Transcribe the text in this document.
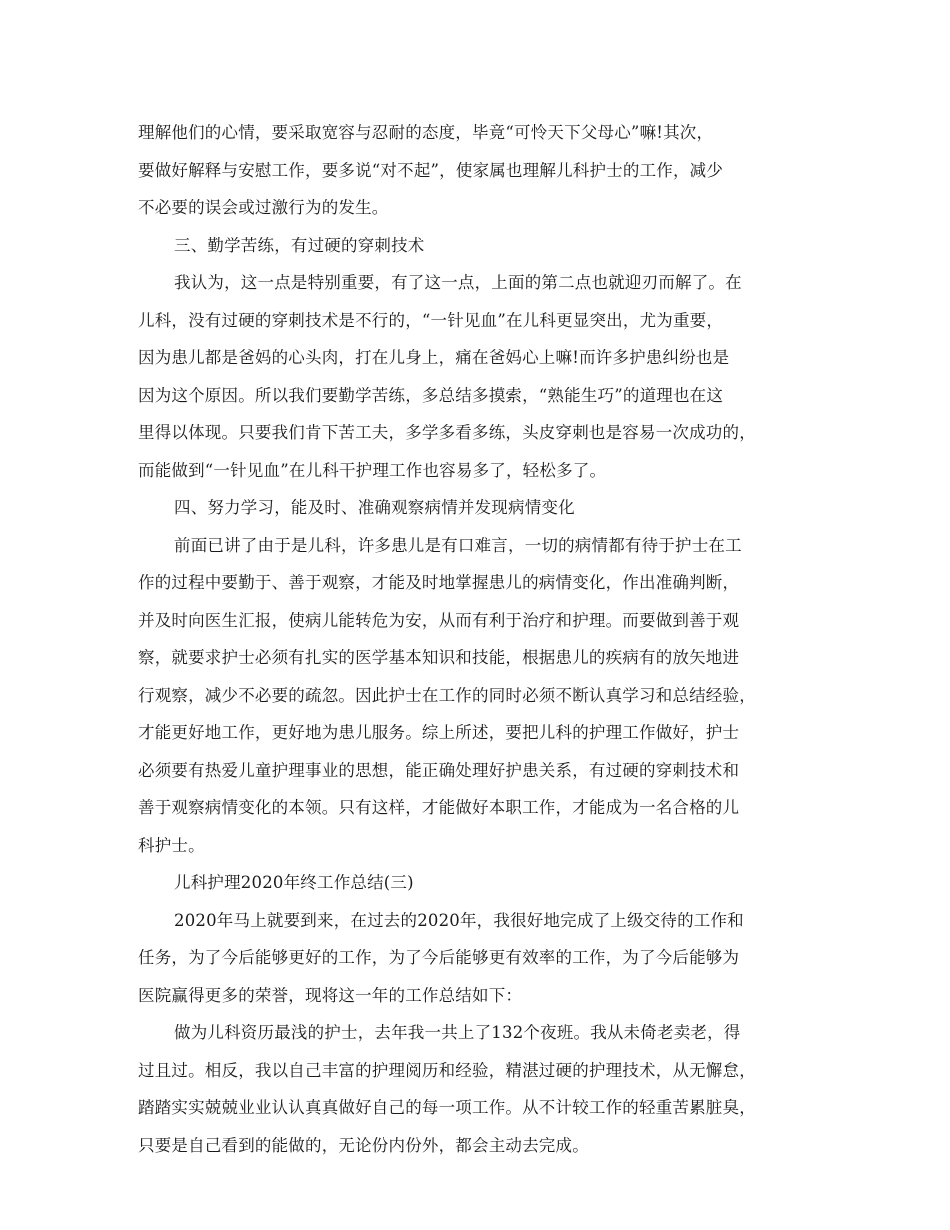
理解他们的心情，要采取宽容与忍耐的态度，毕竟“可怜天下父母心”嘛!其次，
要做好解释与安慰工作，要多说“对不起”，使家属也理解儿科护士的工作，减少
不必要的误会或过激行为的发生。
三、勤学苦练，有过硬的穿刺技术
我认为，这一点是特别重要，有了这一点，上面的第二点也就迎刃而解了。在
儿科，没有过硬的穿刺技术是不行的，“一针见血”在儿科更显突出，尤为重要，
因为患儿都是爸妈的心头肉，打在儿身上，痛在爸妈心上嘛!而许多护患纠纷也是
因为这个原因。所以我们要勤学苦练，多总结多摸索，“熟能生巧”的道理也在这
里得以体现。只要我们肯下苦工夫，多学多看多练，头皮穿刺也是容易一次成功的，
而能做到“一针见血”在儿科干护理工作也容易多了，轻松多了。
四、努力学习，能及时、准确观察病情并发现病情变化
前面已讲了由于是儿科，许多患儿是有口难言，一切的病情都有待于护士在工
作的过程中要勤于、善于观察，才能及时地掌握患儿的病情变化，作出准确判断，
并及时向医生汇报，使病儿能转危为安，从而有利于治疗和护理。而要做到善于观
察，就要求护士必须有扎实的医学基本知识和技能，根据患儿的疾病有的放矢地进
行观察，减少不必要的疏忽。因此护士在工作的同时必须不断认真学习和总结经验，
才能更好地工作，更好地为患儿服务。综上所述，要把儿科的护理工作做好，护士
必须要有热爱儿童护理事业的思想，能正确处理好护患关系，有过硬的穿刺技术和
善于观察病情变化的本领。只有这样，才能做好本职工作，才能成为一名合格的儿
科护士。
儿科护理2020年终工作总结(三)
2020年马上就要到来，在过去的2020年，我很好地完成了上级交待的工作和
任务，为了今后能够更好的工作，为了今后能够更有效率的工作，为了今后能够为
医院赢得更多的荣誉，现将这一年的工作总结如下：
做为儿科资历最浅的护士，去年我一共上了132个夜班。我从未倚老卖老，得
过且过。相反，我以自己丰富的护理阅历和经验，精湛过硬的护理技术，从无懈怠，
踏踏实实兢兢业业认认真真做好自己的每一项工作。从不计较工作的轻重苦累脏臭，
只要是自己看到的能做的，无论份内份外，都会主动去完成。
